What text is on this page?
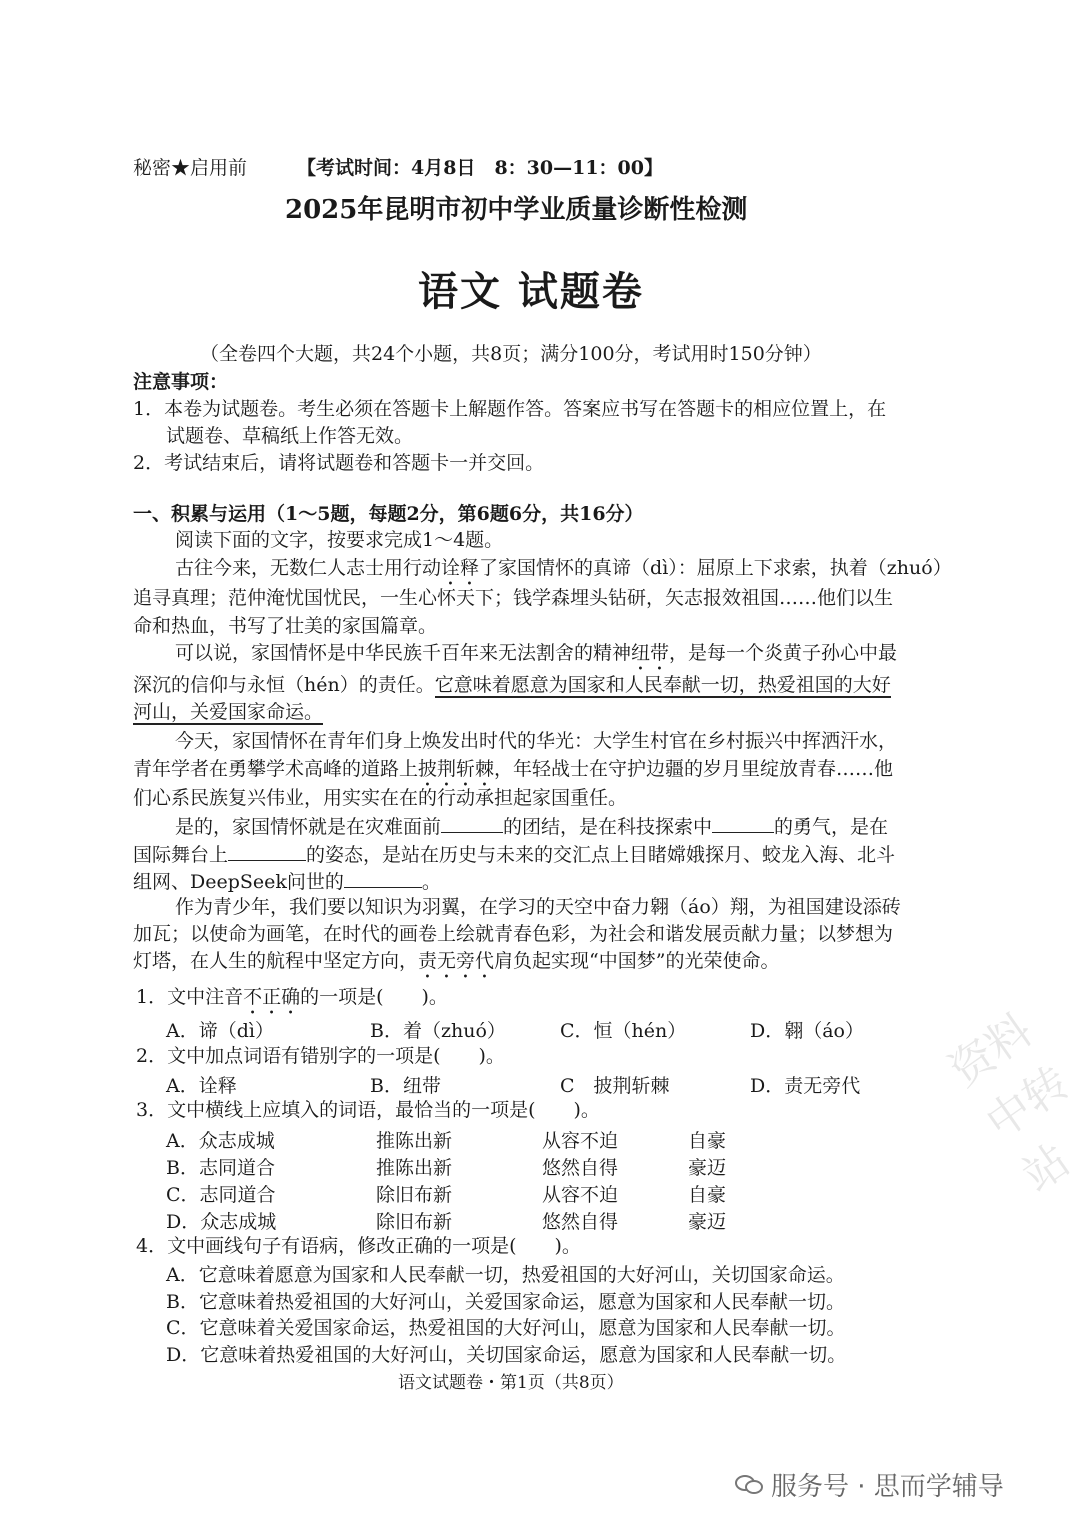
资料中转站
秘密★启用前	【考试时间：4月8日　8：30—11：00】
2025年昆明市初中学业质量诊断性检测
语文 试题卷
（全卷四个大题，共24个小题，共8页；满分100分，考试用时150分钟）
注意事项：
1．本卷为试题卷。考生必须在答题卡上解题作答。答案应书写在答题卡的相应位置上，在
试题卷、草稿纸上作答无效。
2．考试结束后，请将试题卷和答题卡一并交回。
一、积累与运用（1～5题，每题2分，第6题6分，共16分）
阅读下面的文字，按要求完成1～4题。
古往今来，无数仁人志士用行动诠释了家国情怀的真谛（dì）：屈原上下求索，执着（zhuó）
追寻真理；范仲淹忧国忧民，一生心怀天下；钱学森埋头钻研，矢志报效祖国……他们以生
命和热血，书写了壮美的家国篇章。
可以说，家国情怀是中华民族千百年来无法割舍的精神纽带，是每一个炎黄子孙心中最
深沉的信仰与永恒（hén）的责任。它意味着愿意为国家和人民奉献一切，热爱祖国的大好
河山，关爱国家命运。
今天，家国情怀在青年们身上焕发出时代的华光：大学生村官在乡村振兴中挥洒汗水，
青年学者在勇攀学术高峰的道路上披荆斩棘，年轻战士在守护边疆的岁月里绽放青春……他
们心系民族复兴伟业，用实实在在的行动承担起家国重任。
是的，家国情怀就是在灾难面前	的团结，是在科技探索中	的勇气，是在
国际舞台上	的姿态，是站在历史与未来的交汇点上目睹嫦娥探月、蛟龙入海、北斗
组网、DeepSeek问世的	。
作为青少年，我们要以知识为羽翼，在学习的天空中奋力翱（áo）翔，为祖国建设添砖
加瓦；以使命为画笔，在时代的画卷上绘就青春色彩，为社会和谐发展贡献力量；以梦想为
灯塔，在人生的航程中坚定方向，责无旁代肩负起实现“中国梦”的光荣使命。
1．文中注音不正确的一项是(　　)。
A．谛（dì）	B．着（zhuó）	C．恒（hén）	D．翱（áo）
2．文中加点词语有错别字的一项是(　　)。
A．诠释	B．纽带	C　披荆斩棘	D．责无旁代
3．文中横线上应填入的词语，最恰当的一项是(　　)。
A．众志成城	推陈出新	从容不迫	自豪
B．志同道合	推陈出新	悠然自得	豪迈
C．志同道合	除旧布新	从容不迫	自豪
D．众志成城	除旧布新	悠然自得	豪迈
4．文中画线句子有语病，修改正确的一项是(　　)。
A．它意味着愿意为国家和人民奉献一切，热爱祖国的大好河山，关切国家命运。
B．它意味着热爱祖国的大好河山，关爱国家命运，愿意为国家和人民奉献一切。
C．它意味着关爱国家命运，热爱祖国的大好河山，愿意为国家和人民奉献一切。
D．它意味着热爱祖国的大好河山，关切国家命运，愿意为国家和人民奉献一切。
语文试题卷・第1页（共8页）
服务号 · 思而学辅导
